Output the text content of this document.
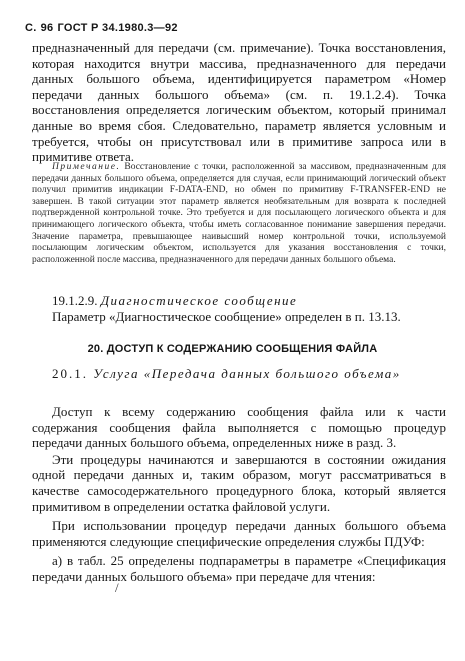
С. 96 ГОСТ Р 34.1980.3—92

предназначенный для передачи (см. примечание). Точка восстановления, которая находится внутри массива, предназначенного для передачи данных большого объема, идентифицируется параметром «Номер передачи данных большого объема» (см. п. 19.1.2.4). Точка восстановления определяется логическим объектом, который принимал данные во время сбоя. Следовательно, параметр является условным и требуется, чтобы он присутствовал или в примитиве запроса или в примитиве ответа.

Примечание. Восстановление с точки, расположенной за массивом, предназначенным для передачи данных большого объема, определяется для случая, если принимающий логический объект получил примитив индикации F-DATA-END, но обмен по примитиву F-TRANSFER-END не завершен. В такой ситуации этот параметр является необязательным для возврата к последней подтвержденной контрольной точке. Это требуется и для посылающего логического объекта и для принимающего логического объекта, чтобы иметь согласованное понимание завершения передачи. Значение параметра, превышающее наивысший номер контрольной точки, используемой посылающим логическим объектом, используется для указания восстановления с точки, расположенной после массива, предназначенного для передачи данных большого объема.

19.1.2.9. Диагностическое сообщение

Параметр «Диагностическое сообщение» определен в п. 13.13.

20. ДОСТУП К СОДЕРЖАНИЮ СООБЩЕНИЯ ФАЙЛА

20.1. Услуга «Передача данных большого объема»

Доступ к всему содержанию сообщения файла или к части содержания сообщения файла выполняется с помощью процедур передачи данных большого объема, определенных ниже в разд. 3.

Эти процедуры начинаются и завершаются в состоянии ожидания одной передачи данных и, таким образом, могут рассматриваться в качестве самосодержательного процедурного блока, который является примитивом в определении остатка файловой услуги.

При использовании процедур передачи данных большого объема применяются следующие специфические определения службы ПДУФ:

а) в табл. 25 определены подпараметры в параметре «Спецификация передачи данных большого объема» при передаче для чтения:

/
